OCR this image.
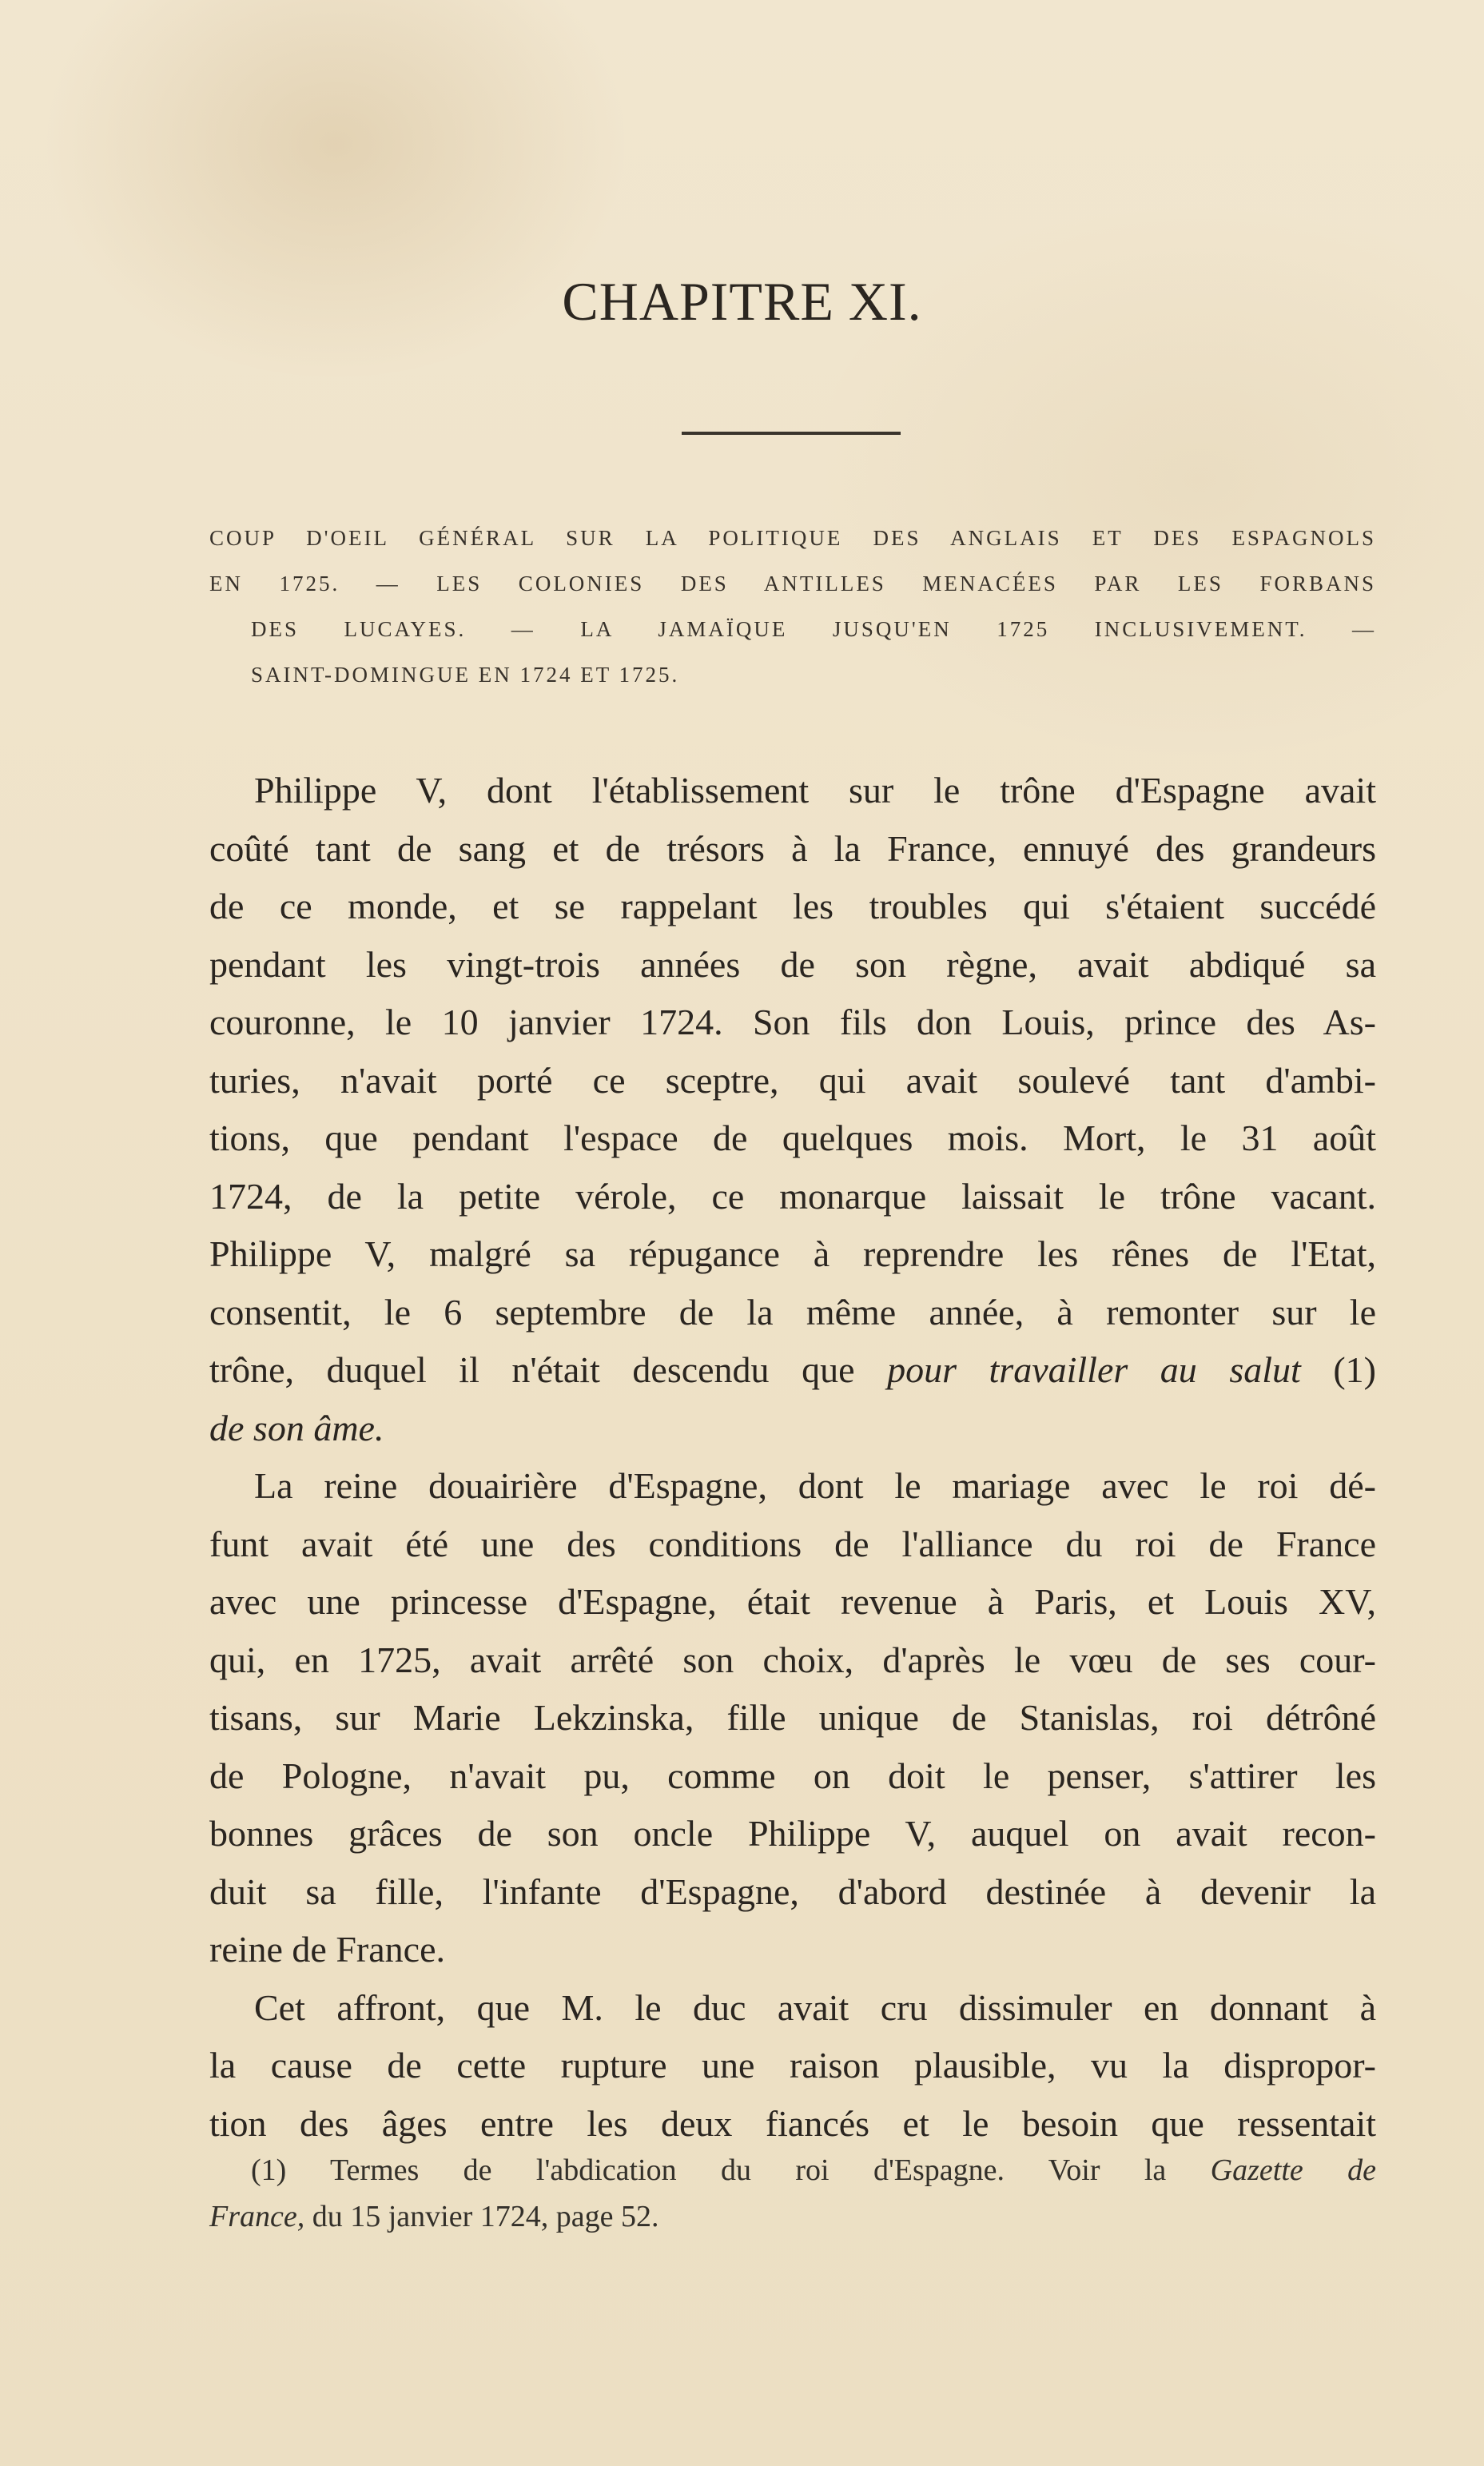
CHAPITRE XI.
COUP D'OEIL GÉNÉRAL SUR LA POLITIQUE DES ANGLAIS ET DES ESPAGNOLS
EN 1725. — LES COLONIES DES ANTILLES MENACÉES PAR LES FORBANS
DES LUCAYES. — LA JAMAÏQUE JUSQU'EN 1725 INCLUSIVEMENT. —
SAINT-DOMINGUE EN 1724 ET 1725.
Philippe V, dont l'établissement sur le trône d'Espagne avait
coûté tant de sang et de trésors à la France, ennuyé des grandeurs
de ce monde, et se rappelant les troubles qui s'étaient succédé
pendant les vingt-trois années de son règne, avait abdiqué sa
couronne, le 10 janvier 1724. Son fils don Louis, prince des As-
turies, n'avait porté ce sceptre, qui avait soulevé tant d'ambi-
tions, que pendant l'espace de quelques mois. Mort, le 31 août
1724, de la petite vérole, ce monarque laissait le trône vacant.
Philippe V, malgré sa répugance à reprendre les rênes de l'Etat,
consentit, le 6 septembre de la même année, à remonter sur le
trône, duquel il n'était descendu que pour travailler au salut (1)
de son âme.
La reine douairière d'Espagne, dont le mariage avec le roi dé-
funt avait été une des conditions de l'alliance du roi de France
avec une princesse d'Espagne, était revenue à Paris, et Louis XV,
qui, en 1725, avait arrêté son choix, d'après le vœu de ses cour-
tisans, sur Marie Lekzinska, fille unique de Stanislas, roi détrôné
de Pologne, n'avait pu, comme on doit le penser, s'attirer les
bonnes grâces de son oncle Philippe V, auquel on avait recon-
duit sa fille, l'infante d'Espagne, d'abord destinée à devenir la
reine de France.
Cet affront, que M. le duc avait cru dissimuler en donnant à
la cause de cette rupture une raison plausible, vu la dispropor-
tion des âges entre les deux fiancés et le besoin que ressentait
(1) Termes de l'abdication du roi d'Espagne. Voir la Gazette de
France, du 15 janvier 1724, page 52.
